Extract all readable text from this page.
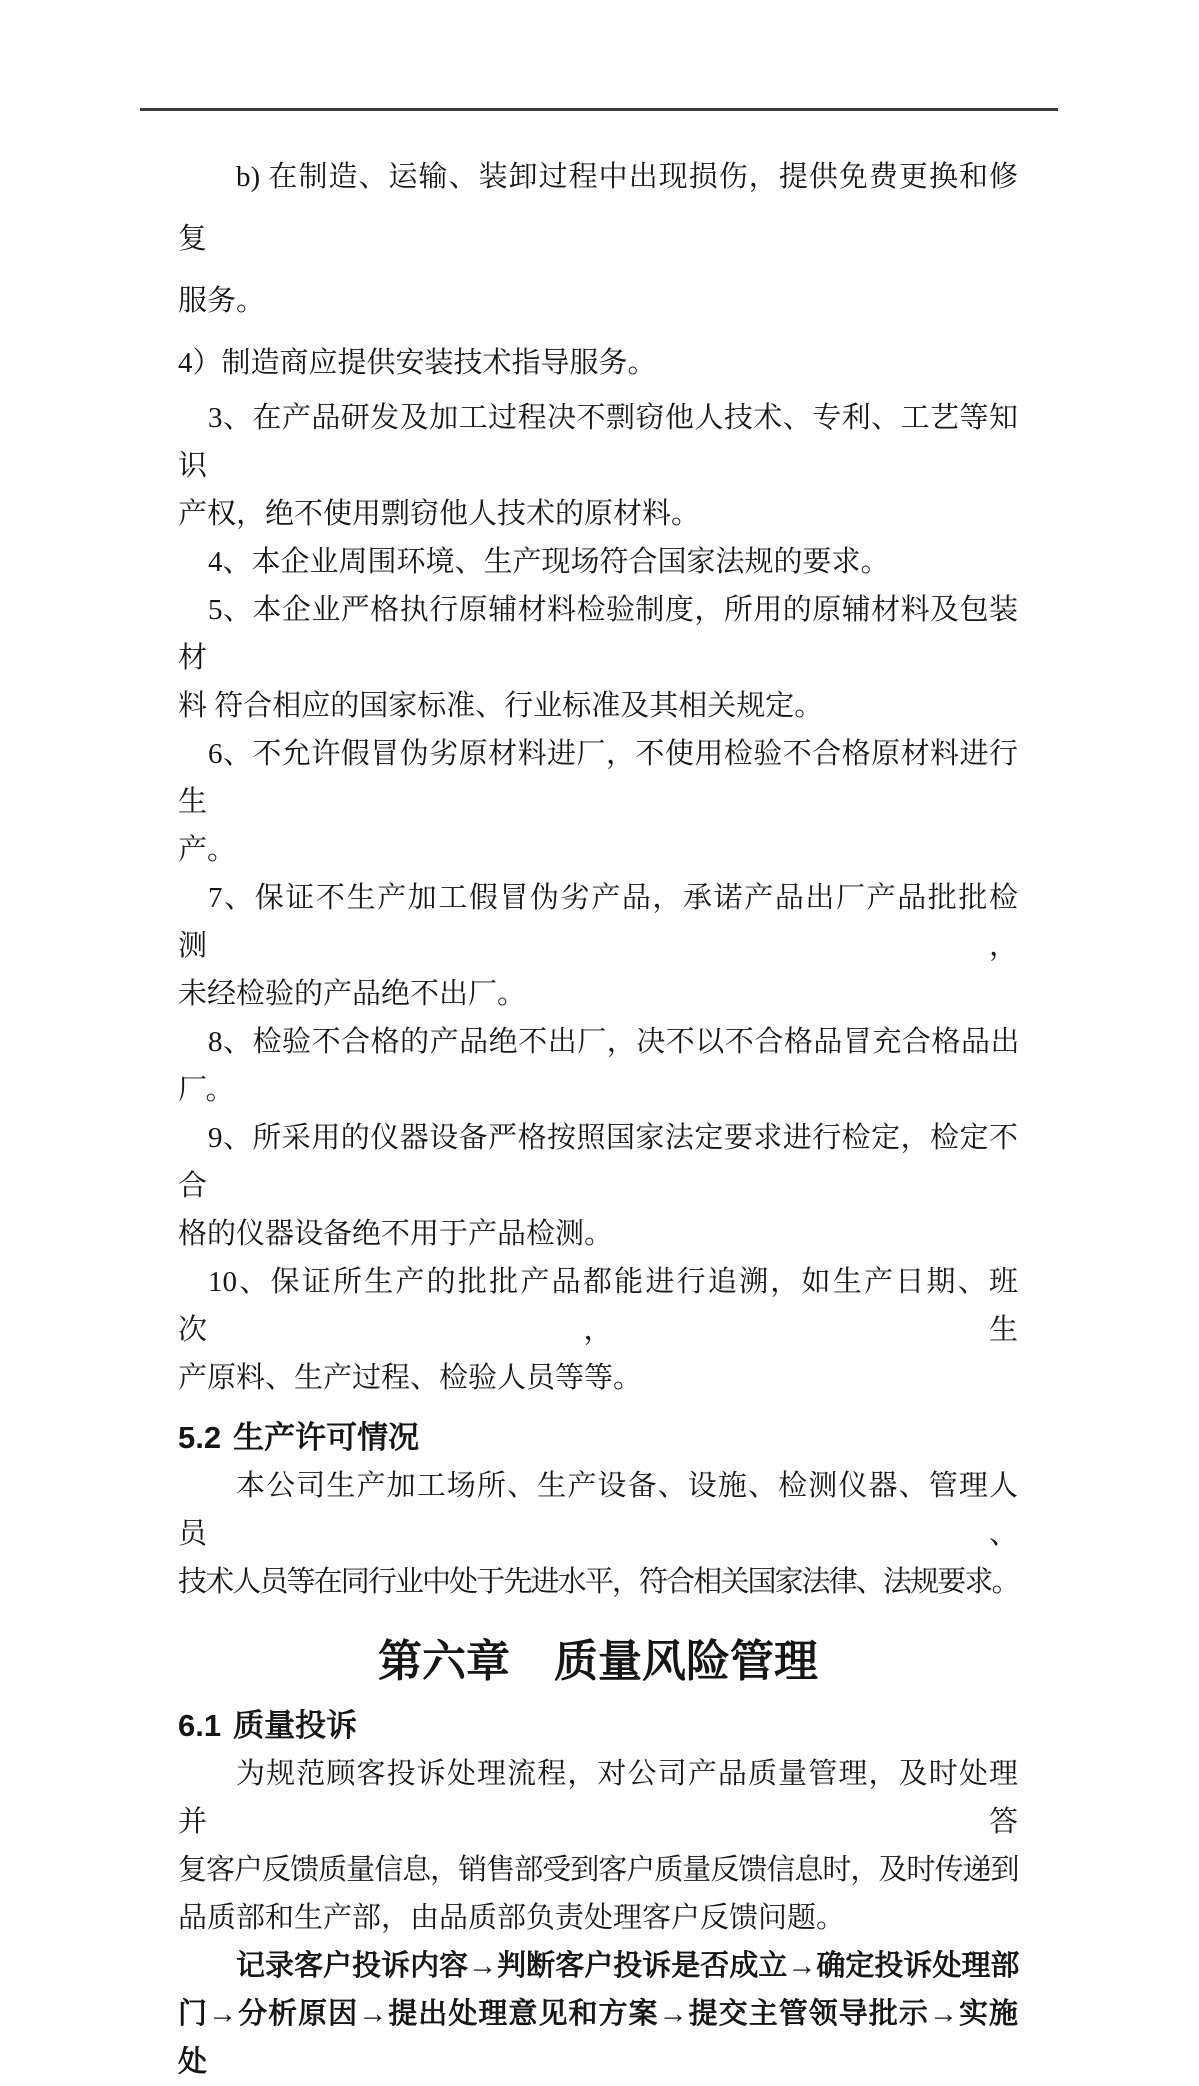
b) 在制造、运输、装卸过程中出现损伤，提供免费更换和修复
服务。
4）制造商应提供安装技术指导服务。
3、在产品研发及加工过程决不剽窃他人技术、专利、工艺等知识
产权，绝不使用剽窃他人技术的原材料。
4、本企业周围环境、生产现场符合国家法规的要求。
5、本企业严格执行原辅材料检验制度，所用的原辅材料及包装材
料 符合相应的国家标准、行业标准及其相关规定。
6、不允许假冒伪劣原材料进厂，不使用检验不合格原材料进行生
产。
7、保证不生产加工假冒伪劣产品，承诺产品出厂产品批批检测，
未经检验的产品绝不出厂。
8、检验不合格的产品绝不出厂，决不以不合格品冒充合格品出厂。
9、所采用的仪器设备严格按照国家法定要求进行检定，检定不合
格的仪器设备绝不用于产品检测。
10、保证所生产的批批产品都能进行追溯，如生产日期、班次，生
产原料、生产过程、检验人员等等。
5.2 生产许可情况
本公司生产加工场所、生产设备、设施、检测仪器、管理人员、
技术人员等在同行业中处于先进水平，符合相关国家法律、法规要求。
第六章　质量风险管理
6.1 质量投诉
为规范顾客投诉处理流程，对公司产品质量管理，及时处理并答
复客户反馈质量信息，销售部受到客户质量反馈信息时，及时传递到
品质部和生产部，由品质部负责处理客户反馈问题。
记录客户投诉内容→判断客户投诉是否成立→确定投诉处理部
门→分析原因→提出处理意见和方案→提交主管领导批示→实施处
